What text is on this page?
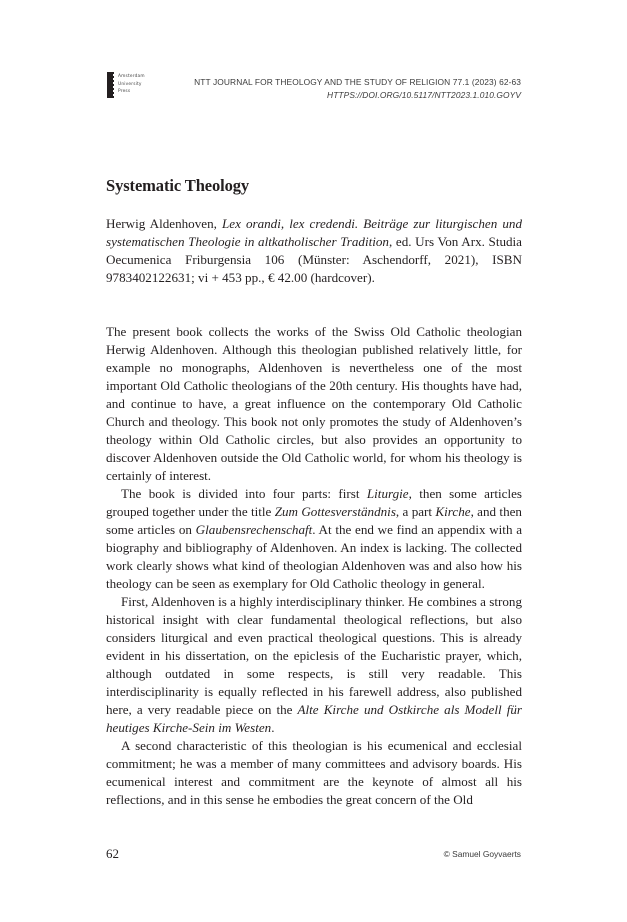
Amsterdam
University
Press
NTT JOURNAL FOR THEOLOGY AND THE STUDY OF RELIGION 77.1 (2023) 62-63
HTTPS://DOI.ORG/10.5117/NTT2023.1.010.GOYV
Systematic Theology

Herwig Aldenhoven, Lex orandi, lex credendi. Beiträge zur liturgischen und systematischen Theologie in altkatholischer Tradition, ed. Urs Von Arx. Studia Oecumenica Friburgensia 106 (Münster: Aschendorff, 2021), ISBN 9783402122631; vi + 453 pp., € 42.00 (hardcover).

The present book collects the works of the Swiss Old Catholic theologian Herwig Aldenhoven. Although this theologian published relatively little, for example no monographs, Aldenhoven is nevertheless one of the most important Old Catholic theologians of the 20th century. His thoughts have had, and continue to have, a great influence on the contemporary Old Catholic Church and theology. This book not only promotes the study of Aldenhoven’s theology within Old Catholic circles, but also provides an opportunity to discover Aldenhoven outside the Old Catholic world, for whom his theology is certainly of interest.

The book is divided into four parts: first Liturgie, then some articles grouped together under the title Zum Gottesverständnis, a part Kirche, and then some articles on Glaubensrechenschaft. At the end we find an appendix with a biography and bibliography of Aldenhoven. An index is lacking. The collected work clearly shows what kind of theologian Aldenhoven was and also how his theology can be seen as exemplary for Old Catholic theology in general.

First, Aldenhoven is a highly interdisciplinary thinker. He combines a strong historical insight with clear fundamental theological reflections, but also considers liturgical and even practical theological questions. This is already evident in his dissertation, on the epiclesis of the Eucharistic prayer, which, although outdated in some respects, is still very readable. This interdisciplinarity is equally reflected in his farewell address, also published here, a very readable piece on the Alte Kirche und Ostkirche als Modell für heutiges Kirche-Sein im Westen.

A second characteristic of this theologian is his ecumenical and ecclesial commitment; he was a member of many committees and advisory boards. His ecumenical interest and commitment are the keynote of almost all his reflections, and in this sense he embodies the great concern of the Old

62	© Samuel Goyvaerts
